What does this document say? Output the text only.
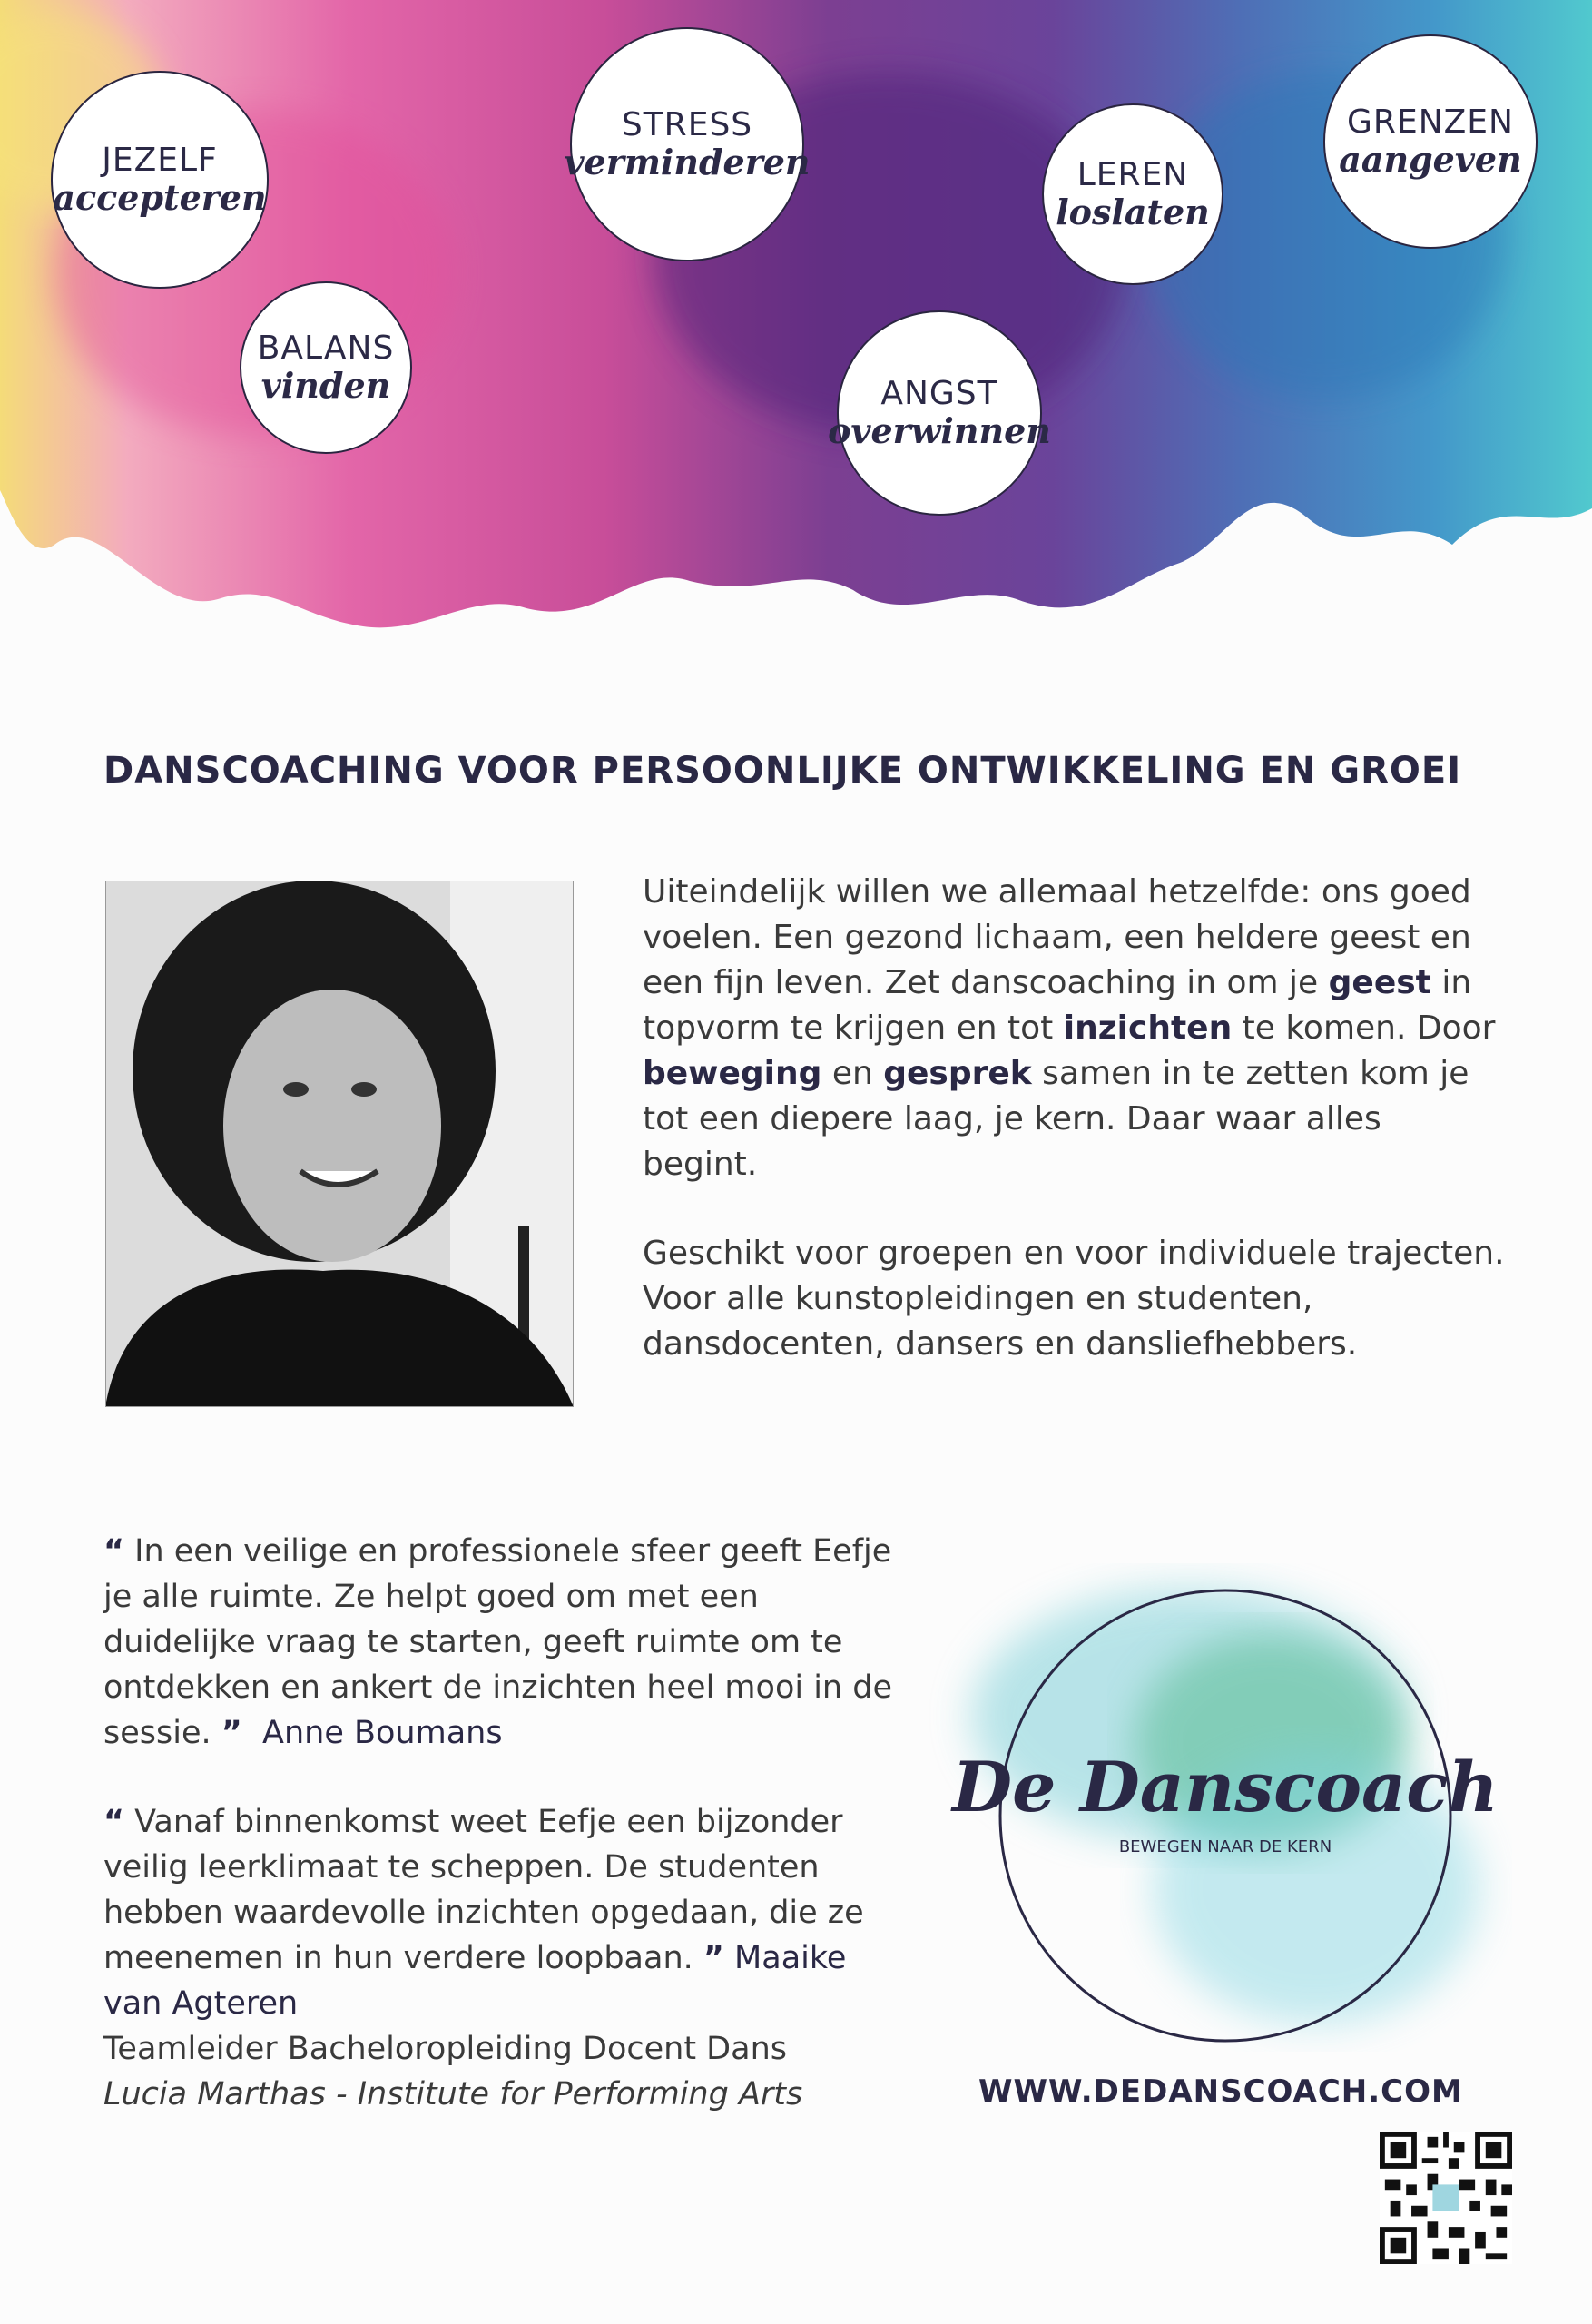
JEZELF
accepteren
BALANS
vinden
STRESS
verminderen
ANGST
overwinnen
LEREN
loslaten
GRENZEN
aangeven
DANSCOACHING VOOR PERSOONLIJKE ONTWIKKELING EN GROEI

Uiteindelijk willen we allemaal hetzelfde: ons goed voelen. Een gezond lichaam, een heldere geest en een fijn leven. Zet danscoaching in om je geest in topvorm te krijgen en tot inzichten te komen. Door beweging en gesprek samen in te zetten kom je tot een diepere laag, je kern. Daar waar alles begint.

Geschikt voor groepen en voor individuele trajecten. Voor alle kunstopleidingen en studenten, dansdocenten, dansers en dansliefhebbers.

“ In een veilige en professionele sfeer geeft Eefje je alle ruimte. Ze helpt goed om met een duidelijke vraag te starten, geeft ruimte om te ontdekken en ankert de inzichten heel mooi in de sessie. ” Anne Boumans
“ Vanaf binnenkomst weet Eefje een bijzonder veilig leerklimaat te scheppen. De studenten hebben waardevolle inzichten opgedaan, die ze meenemen in hun verdere loopbaan. ” Maaike van Agteren
Teamleider Bacheloropleiding Docent Dans
Lucia Marthas - Institute for Performing Arts
De Danscoach
BEWEGEN NAAR DE KERN
WWW.DEDANSCOACH.COM
